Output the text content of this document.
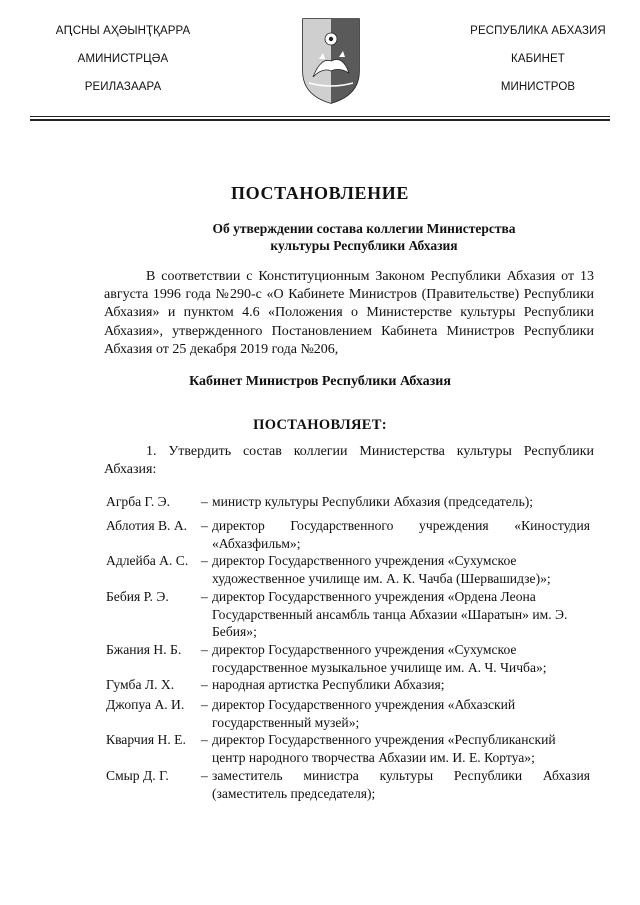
АԤСНЫ АҲӘЫНҬҚАРРА
АМИНИСТРЦӘА
РЕИЛАЗААРА
РЕСПУБЛИКА АБХАЗИЯ
КАБИНЕТ
МИНИСТРОВ
ПОСТАНОВЛЕНИЕ
Об утверждении состава коллегии Министерства
культуры Республики Абхазия
В соответствии с Конституционным Законом Республики Абхазия от 13 августа 1996 года №290-с «О Кабинете Министров (Правительстве) Республики Абхазия» и пунктом 4.6 «Положения о Министерстве культуры Республики Абхазия», утвержденного Постановлением Кабинета Министров Республики Абхазия от 25 декабря 2019 года №206,
Кабинет Министров Республики Абхазия
ПОСТАНОВЛЯЕТ:
1. Утвердить состав коллегии Министерства культуры Республики Абхазия:
Агрба Г. Э. – министр культуры Республики Абхазия (председатель);
Аблотия В. А. – директор Государственного учреждения «Киностудия «Абхазфильм»;
Адлейба А. С. – директор Государственного учреждения «Сухумское художественное училище им. А. К. Чачба (Шервашидзе)»;
Бебия Р. Э. – директор Государственного учреждения «Ордена Леона Государственный ансамбль танца Абхазии «Шаратын» им. Э. Бебия»;
Бжания Н. Б. – директор Государственного учреждения «Сухумское государственное музыкальное училище им. А. Ч. Чичба»;
Гумба Л. Х. – народная артистка Республики Абхазия;
Джопуа А. И. – директор Государственного учреждения «Абхазский государственный музей»;
Кварчия Н. Е. – директор Государственного учреждения «Республиканский центр народного творчества Абхазии им. И. Е. Кортуа»;
Смыр Д. Г. – заместитель министра культуры Республики Абхазия (заместитель председателя);
